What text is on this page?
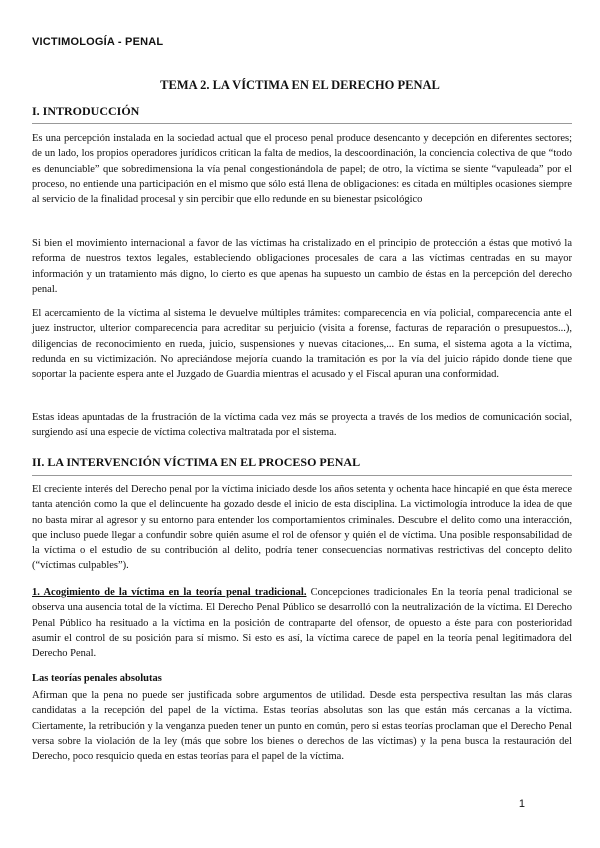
VICTIMOLOGÍA - PENAL
TEMA 2. LA VÍCTIMA EN EL DERECHO PENAL
I. INTRODUCCIÓN

Es una percepción instalada en la sociedad actual que el proceso penal produce desencanto y decepción en diferentes sectores; de un lado, los propios operadores jurídicos critican la falta de medios, la descoordinación, la conciencia colectiva de que “todo es denunciable” que sobredimensiona la vía penal congestionándola de papel; de otro, la víctima se siente “vapuleada” por el proceso, no entiende una participación en el mismo que sólo está llena de obligaciones: es citada en múltiples ocasiones siempre al servicio de la finalidad procesal y sin percibir que ello redunde en su bienestar psicológico

Si bien el movimiento internacional a favor de las víctimas ha cristalizado en el principio de protección a éstas que motivó la reforma de nuestros textos legales, estableciendo obligaciones procesales de cara a las víctimas centradas en su mayor información y un tratamiento más digno, lo cierto es que apenas ha supuesto un cambio de éstas en la percepción del derecho penal.

El acercamiento de la víctima al sistema le devuelve múltiples trámites: comparecencia en vía policial, comparecencia ante el juez instructor, ulterior comparecencia para acreditar su perjuicio (visita a forense, facturas de reparación o presupuestos...), diligencias de reconocimiento en rueda, juicio, suspensiones y nuevas citaciones,... En suma, el sistema agota a la víctima, redunda en su victimización. No apreciándose mejoría cuando la tramitación es por la vía del juicio rápido donde tiene que soportar la paciente espera ante el Juzgado de Guardia mientras el acusado y el Fiscal apuran una conformidad.

Estas ideas apuntadas de la frustración de la víctima cada vez más se proyecta a través de los medios de comunicación social, surgiendo así una especie de víctima colectiva maltratada por el sistema.

II. LA INTERVENCIÓN VÍCTIMA EN EL PROCESO PENAL

El creciente interés del Derecho penal por la víctima iniciado desde los años setenta y ochenta hace hincapié en que ésta merece tanta atención como la que el delincuente ha gozado desde el inicio de esta disciplina. La victimología introduce la idea de que no basta mirar al agresor y su entorno para entender los comportamientos criminales. Descubre el delito como una interacción, que incluso puede llegar a confundir sobre quién asume el rol de ofensor y quién el de víctima. Una posible responsabilidad de la víctima o el estudio de su contribución al delito, podría tener consecuencias normativas restrictivas del concepto delito (“víctimas culpables”).

1. Acogimiento de la víctima en la teoría penal tradicional. Concepciones tradicionales En la teoría penal tradicional se observa una ausencia total de la víctima. El Derecho Penal Público se desarrolló con la neutralización de la víctima. El Derecho Penal Público ha resituado a la víctima en la posición de contraparte del ofensor, de opuesto a éste para con posterioridad asumir el control de su posición para sí mismo. Si esto es así, la víctima carece de papel en la teoría penal legitimadora del Derecho Penal.

Las teorías penales absolutas

Afirman que la pena no puede ser justificada sobre argumentos de utilidad. Desde esta perspectiva resultan las más claras candidatas a la recepción del papel de la víctima. Estas teorías absolutas son las que están más cercanas a la víctima. Ciertamente, la retribución y la venganza pueden tener un punto en común, pero si estas teorías proclaman que el Derecho Penal versa sobre la violación de la ley (más que sobre los bienes o derechos de las víctimas) y la pena busca la restauración del Derecho, poco resquicio queda en estas teorías para el papel de la víctima.

1
